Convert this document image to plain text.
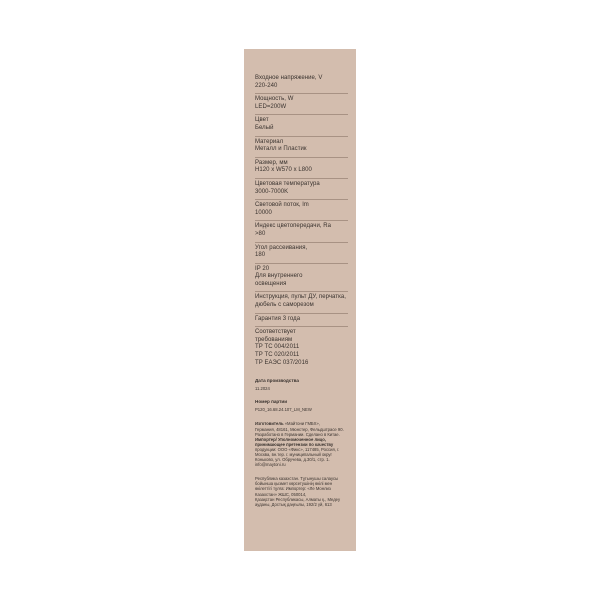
Входное напряжение, V
220-240
Мощность, W
LED=200W
Цвет
Белый
Материал
Металл и Пластик
Размер, мм
H120 x W570 x L800
Цветовая температура
3000-7000K
Световой поток, lm
10000
Индекс цветопередачи, Ra
>80
Угол рассеивания,
180
IP 20
Для внутреннего
освещения
Инструкция, пульт ДУ, перчатка,
дюбель с саморезом
Гарантия 3 года
Соответствует
требованиям
ТР ТС 004/2011
ТР ТС 020/2011
ТР ЕАЭС 037/2016
Дата производства
11.2024
Номер партии
Р120_16.68.24.107_LM_NEW
Изготовитель «Майтони ГМБХ»,
Германия, 48161, Мюнстер, Фельдштрасе 90.
Разработано в Германии. Сделано в Китае.
Импортер/ Уполномоченное лицо,
принимающее претензии по качеству
продукции: ООО «Фикс», 117485, Россия, г.
Москва, вн.тер. г. муниципальный округ
Коньково, ул. Обручева, д.30/1, стр. 1.
info@maytoni.ru
Республика казахстан. Тұтынушы салаусы
бойынша қызмет көрсетушінің өкілі мен
өкілеттігі тұлға: Импортер: «Ле Монлиз
Казахстан» ЖШС, 050014,
Қазақстан Республикасы, Алматы қ., Медеу
ауданы, Достық даңғылы, 192/2 үй, 613
